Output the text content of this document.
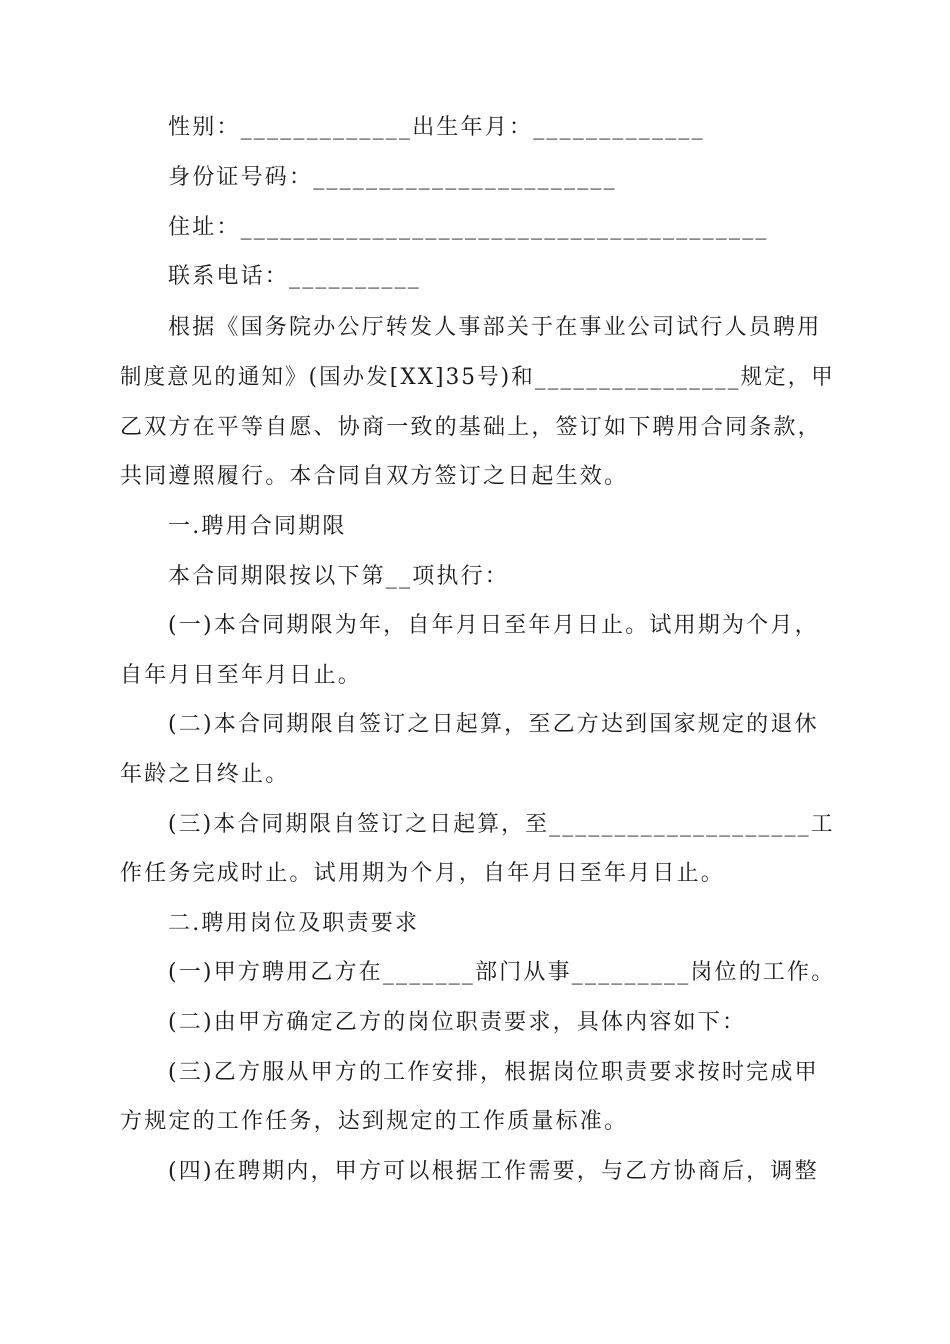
性别：_____________出生年月：_____________
身份证号码：_______________________
住址：________________________________________
联系电话：__________
根据《国务院办公厅转发人事部关于在事业公司试行人员聘用
制度意见的通知》(国办发[XX]35号)和________________规定，甲
乙双方在平等自愿、协商一致的基础上，签订如下聘用合同条款，
共同遵照履行。本合同自双方签订之日起生效。
一.聘用合同期限
本合同期限按以下第__项执行：
(一)本合同期限为年，自年月日至年月日止。试用期为个月，
自年月日至年月日止。
(二)本合同期限自签订之日起算，至乙方达到国家规定的退休
年龄之日终止。
(三)本合同期限自签订之日起算，至____________________工
作任务完成时止。试用期为个月，自年月日至年月日止。
二.聘用岗位及职责要求
(一)甲方聘用乙方在_______部门从事_________岗位的工作。
(二)由甲方确定乙方的岗位职责要求，具体内容如下：
(三)乙方服从甲方的工作安排，根据岗位职责要求按时完成甲
方规定的工作任务，达到规定的工作质量标准。
(四)在聘期内，甲方可以根据工作需要，与乙方协商后，调整
